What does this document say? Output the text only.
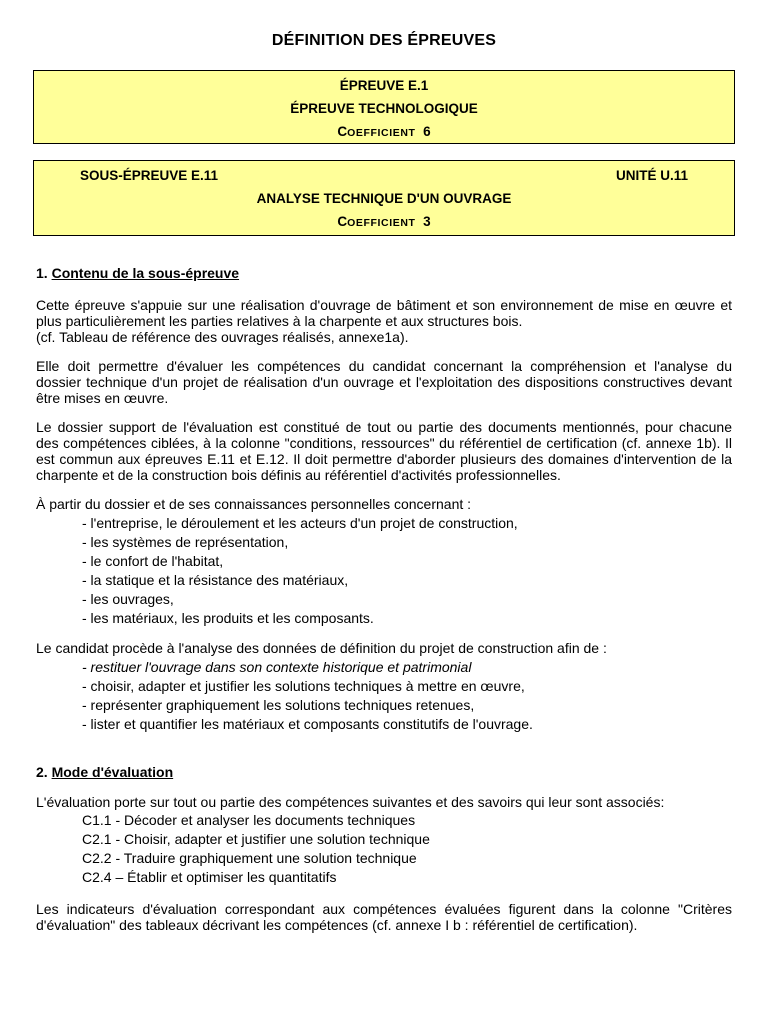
DÉFINITION DES ÉPREUVES
ÉPREUVE E.1
ÉPREUVE TECHNOLOGIQUE
COEFFICIENT 6
SOUS-ÉPREUVE E.11	UNITÉ U.11
ANALYSE TECHNIQUE D'UN OUVRAGE
COEFFICIENT 3
1. Contenu de la sous-épreuve
Cette épreuve s'appuie sur une réalisation d'ouvrage de bâtiment et son environnement de mise en œuvre et
plus particulièrement les parties relatives à la charpente et aux structures bois.
(cf. Tableau de référence des ouvrages réalisés, annexe1a).
Elle doit permettre d'évaluer les compétences du candidat concernant la compréhension et l'analyse du
dossier technique d'un projet de réalisation d'un ouvrage et l'exploitation des dispositions constructives devant
être mises en œuvre.
Le dossier support de l'évaluation est constitué de tout ou partie des documents mentionnés, pour chacune
des compétences ciblées, à la colonne "conditions, ressources" du référentiel de certification (cf. annexe 1b). Il
est commun aux épreuves E.11 et E.12. Il doit permettre d'aborder plusieurs des domaines d'intervention de la
charpente et de la construction bois définis au référentiel d'activités professionnelles.
À partir du dossier et de ses connaissances personnelles concernant :
- l'entreprise, le déroulement et les acteurs d'un projet de construction,
- les systèmes de représentation,
- le confort de l'habitat,
- la statique et la résistance des matériaux,
- les ouvrages,
- les matériaux, les produits et les composants.
Le candidat procède à l'analyse des données de définition du projet de construction afin de :
- restituer l'ouvrage dans son contexte historique et patrimonial
- choisir, adapter et justifier les solutions techniques à mettre en œuvre,
- représenter graphiquement les solutions techniques retenues,
- lister et quantifier les matériaux et composants constitutifs de l'ouvrage.
2. Mode d'évaluation
L'évaluation porte sur tout ou partie des compétences suivantes et des savoirs qui leur sont associés:
C1.1 - Décoder et analyser les documents techniques
C2.1 - Choisir, adapter et justifier une solution technique
C2.2 - Traduire graphiquement une solution technique
C2.4 – Établir et optimiser les quantitatifs
Les indicateurs d'évaluation correspondant aux compétences évaluées figurent dans la colonne "Critères
d'évaluation" des tableaux décrivant les compétences (cf. annexe I b : référentiel de certification).
